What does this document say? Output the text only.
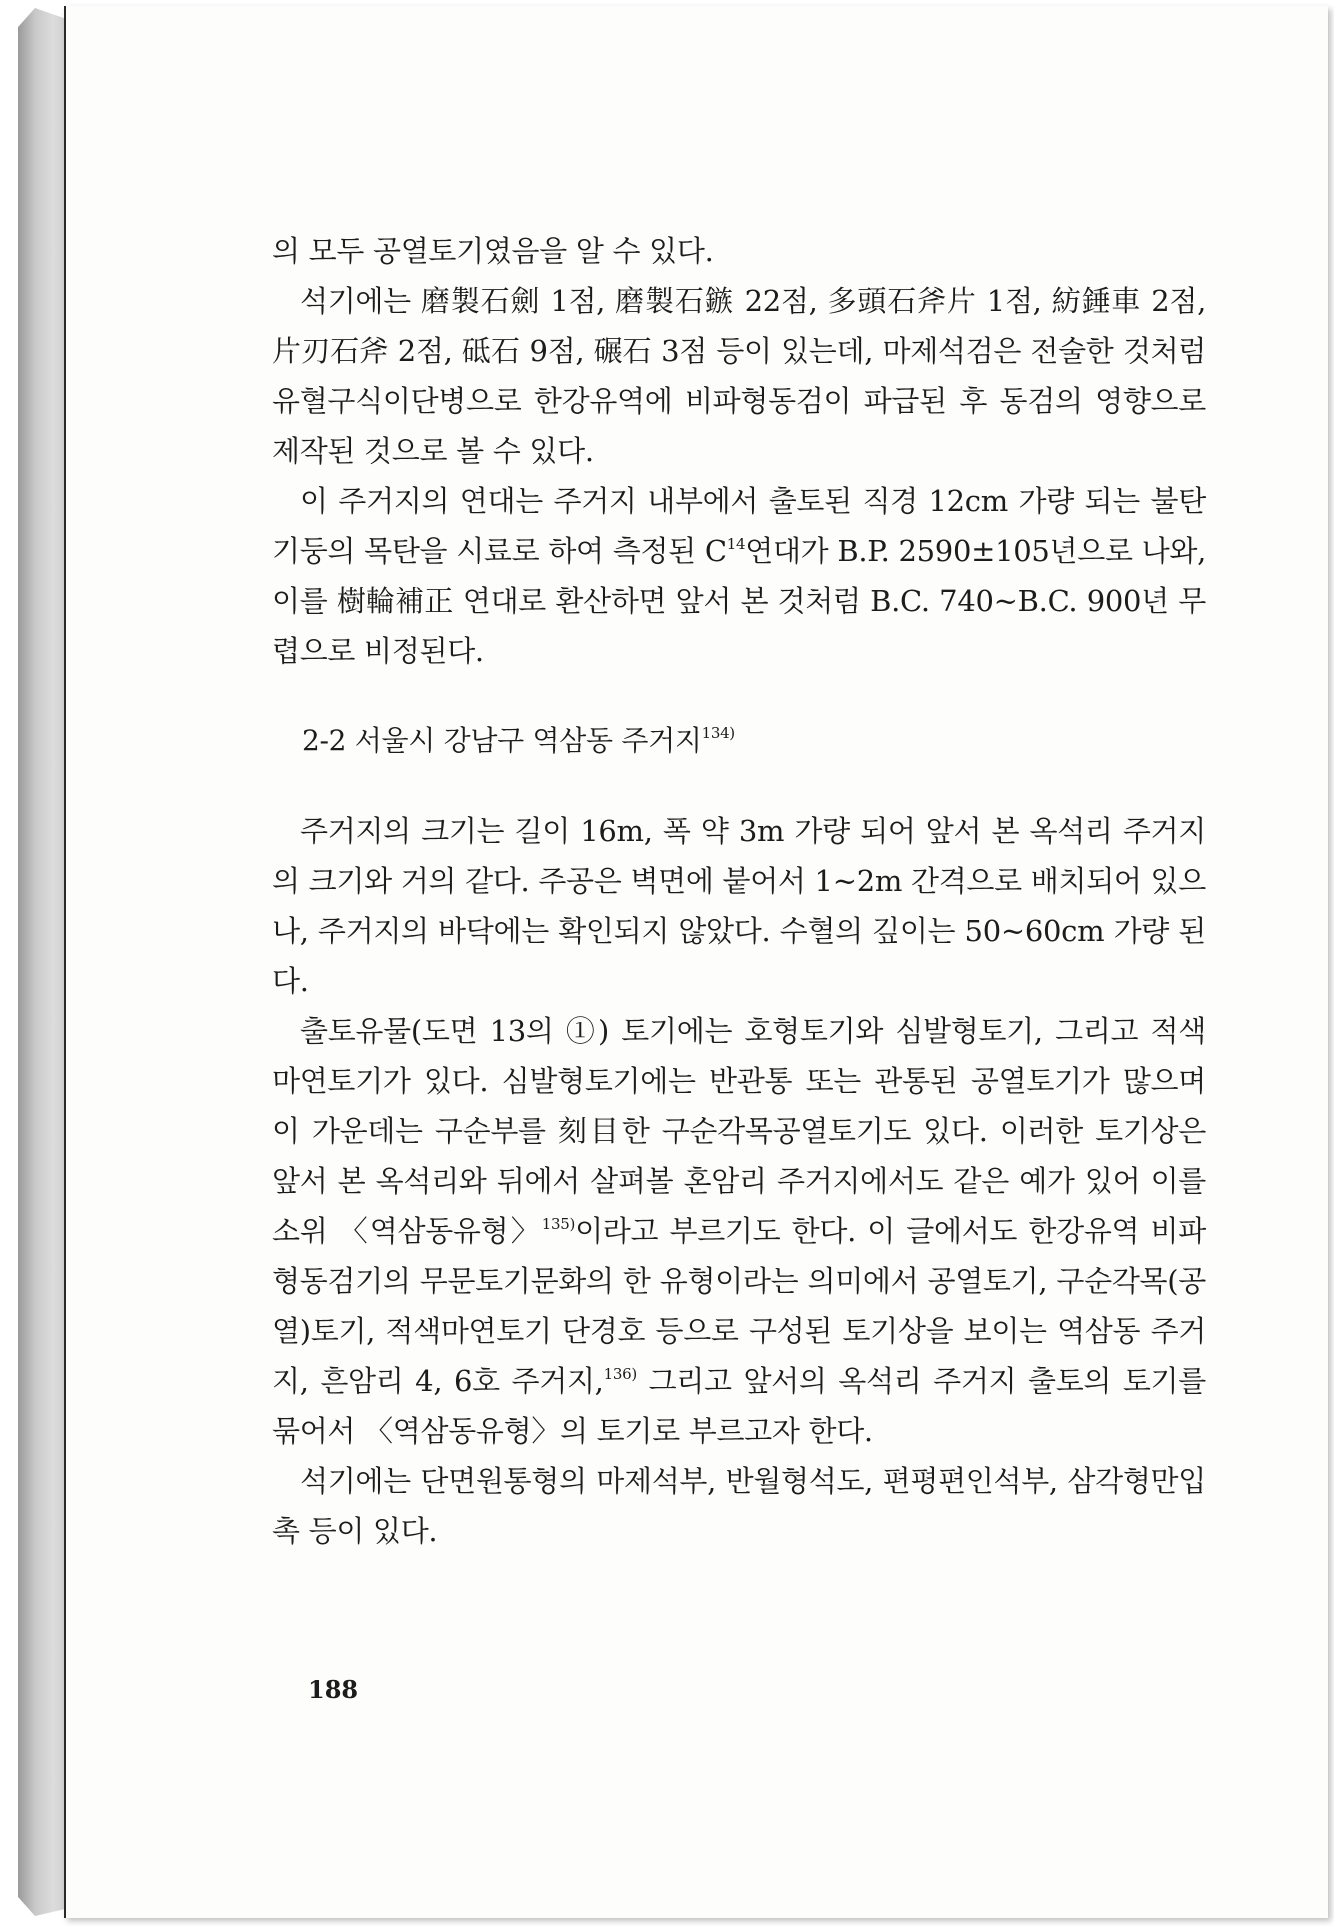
의 모두 공열토기였음을 알 수 있다.

석기에는 磨製石劍 1점, 磨製石鏃 22점, 多頭石斧片 1점, 紡錘車 2점, 片刃石斧 2점, 砥石 9점, 碾石 3점 등이 있는데, 마제석검은 전술한 것처럼 유혈구식이단병으로 한강유역에 비파형동검이 파급된 후 동검의 영향으로 제작된 것으로 볼 수 있다.

이 주거지의 연대는 주거지 내부에서 출토된 직경 12cm 가량 되는 불탄 기둥의 목탄을 시료로 하여 측정된 $C^{14}$연대가 B.P. 2590±105년으로 나와, 이를 樹輪補正 연대로 환산하면 앞서 본 것처럼 B.C. 740~B.C. 900년 무렵으로 비정된다.

2-2 서울시 강남구 역삼동 주거지$^{134)}$

주거지의 크기는 길이 16m, 폭 약 3m 가량 되어 앞서 본 옥석리 주거지의 크기와 거의 같다. 주공은 벽면에 붙어서 1~2m 간격으로 배치되어 있으나, 주거지의 바닥에는 확인되지 않았다. 수혈의 깊이는 50~60cm 가량 된다.

출토유물(도면 13의 ①) 토기에는 호형토기와 심발형토기, 그리고 적색마연토기가 있다. 심발형토기에는 반관통 또는 관통된 공열토기가 많으며 이 가운데는 구순부를 刻目한 구순각목공열토기도 있다. 이러한 토기상은 앞서 본 옥석리와 뒤에서 살펴볼 혼암리 주거지에서도 같은 예가 있어 이를 소위 〈역삼동유형〉$^{135)}$이라고 부르기도 한다. 이 글에서도 한강유역 비파형동검기의 무문토기문화의 한 유형이라는 의미에서 공열토기, 구순각목(공열)토기, 적색마연토기 단경호 등으로 구성된 토기상을 보이는 역삼동 주거지, 흔암리 4, 6호 주거지,$^{136)}$ 그리고 앞서의 옥석리 주거지 출토의 토기를 묶어서 〈역삼동유형〉의 토기로 부르고자 한다.

석기에는 단면원통형의 마제석부, 반월형석도, 편평편인석부, 삼각형만입촉 등이 있다.

188
